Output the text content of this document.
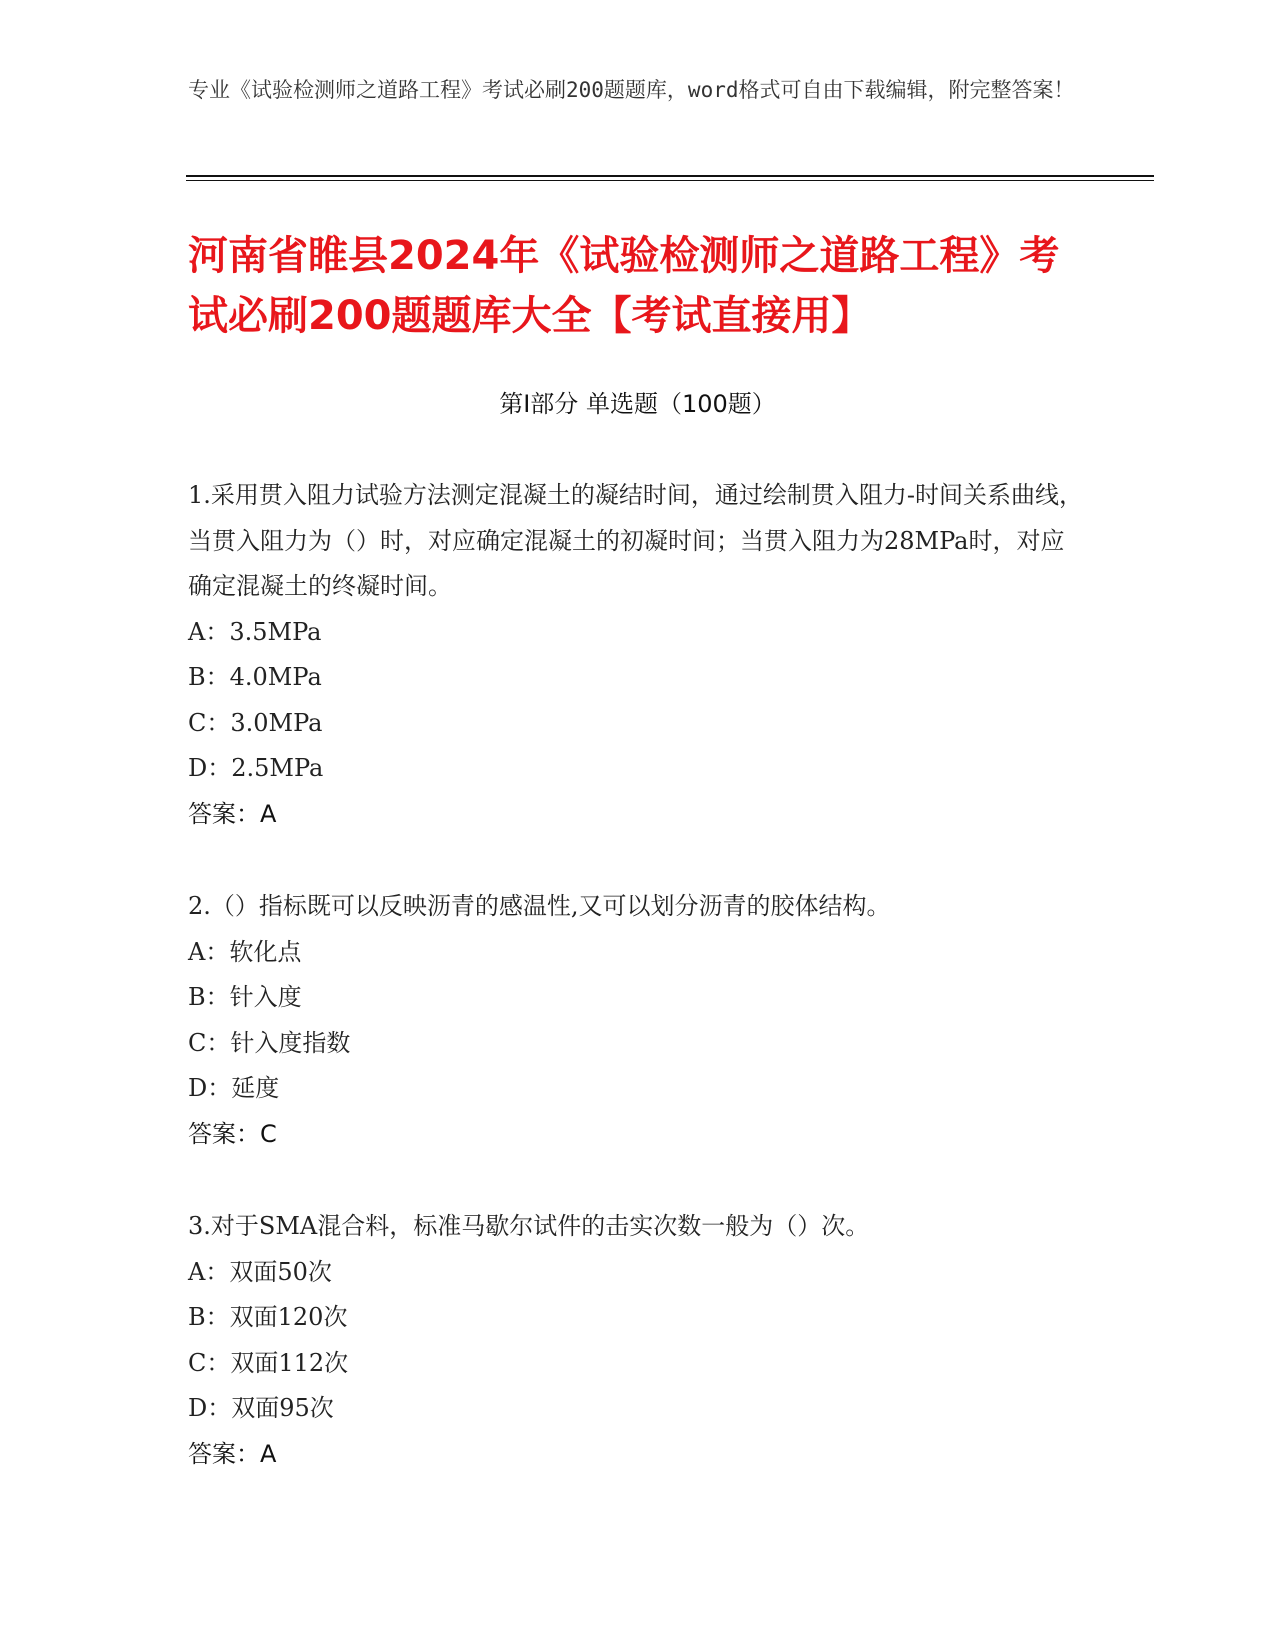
专业《试验检测师之道路工程》考试必刷200题题库，word格式可自由下载编辑，附完整答案！
河南省睢县2024年《试验检测师之道路工程》考试必刷200题题库大全【考试直接用】
第I部分 单选题（100题）
1.采用贯入阻力试验方法测定混凝土的凝结时间，通过绘制贯入阻力-时间关系曲线，当贯入阻力为（）时，对应确定混凝土的初凝时间；当贯入阻力为28MPa时，对应确定混凝土的终凝时间。
A：3.5MPa
B：4.0MPa
C：3.0MPa
D：2.5MPa
答案：A
2.（）指标既可以反映沥青的感温性,又可以划分沥青的胶体结构。
A：软化点
B：针入度
C：针入度指数
D：延度
答案：C
3.对于SMA混合料，标准马歇尔试件的击实次数一般为（）次。
A：双面50次
B：双面120次
C：双面112次
D：双面95次
答案：A
